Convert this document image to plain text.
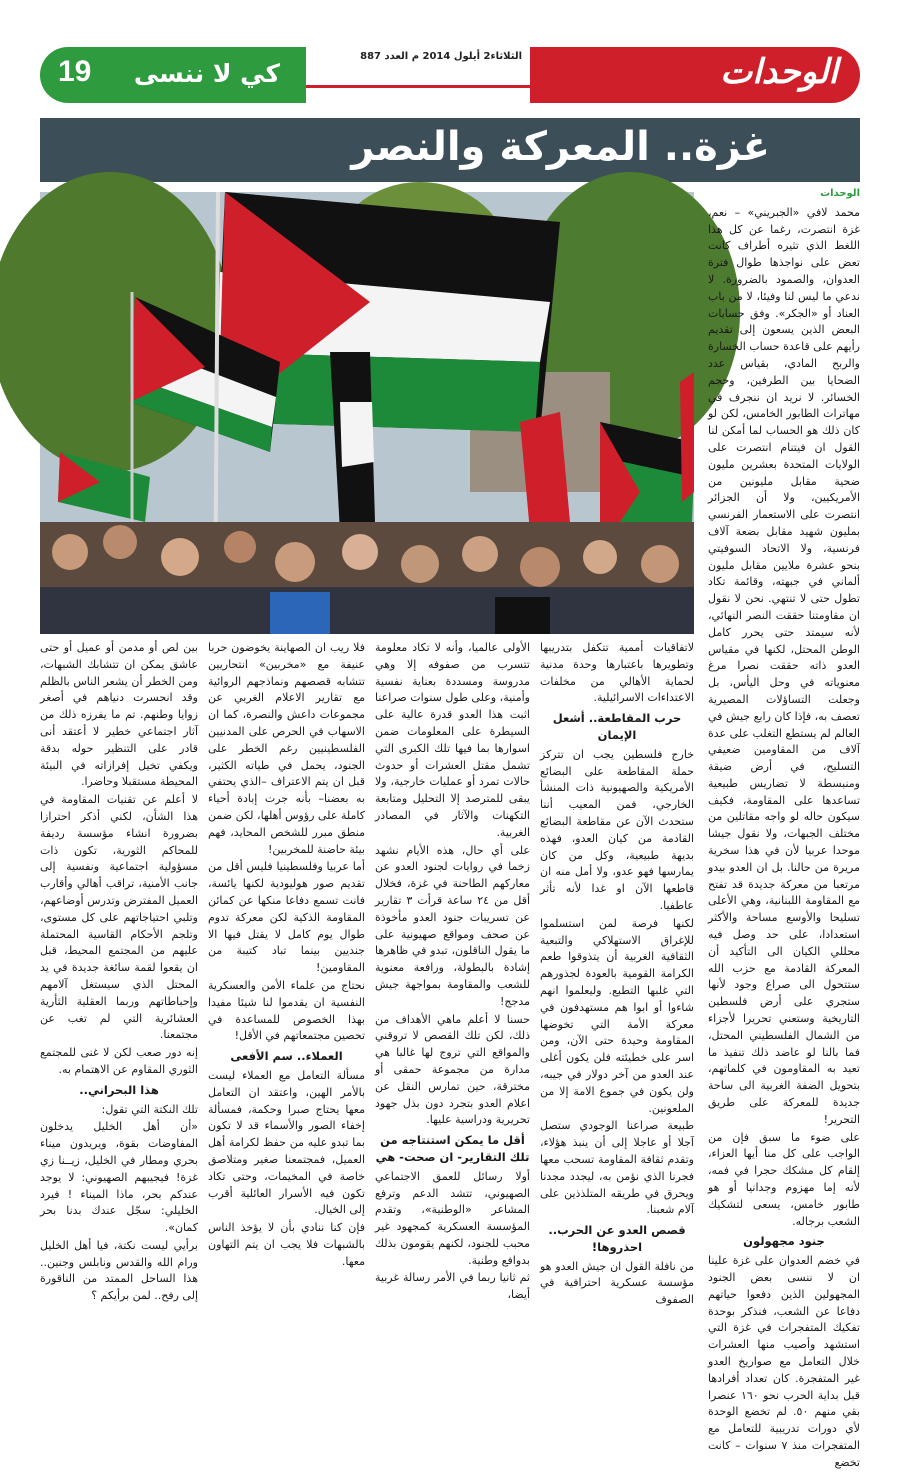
19 كي لا ننسى
الثلاثاء2 أيلول 2014 م العدد 887	الوحدات
غزة.. المعركة والنصر
الوحدات

محمد لافي «الجبريني» – نعم، غزة انتصرت، رغما عن كل هذا اللغط الذي تثيره أطراف كانت تعض على نواجذها طوال فترة العدوان، والصمود بالضرورة. لا ندعي ما ليس لنا وفيئا، لا من باب العناد أو «الجكر». وفق حسابات البعض الذين يسعون إلى تقديم رأيهم على قاعدة حساب الخسارة والربح المادي، بقياس عدد الضحايا بين الطرفين، وحجم الخسائر. لا نريد ان ننجرف في مهاترات الطابور الخامس، لكن لو كان ذلك هو الحساب لما أمكن لنا القول ان فيتنام انتصرت على الولايات المتحدة بعشرين مليون ضحية مقابل مليونين من الأمريكيين، ولا أن الجزائر انتصرت على الاستعمار الفرنسي بمليون شهيد مقابل بضعة آلاف فرنسية، ولا الاتحاد السوفيتي بنحو عشرة ملايين مقابل مليون ألماني في جبهته، وقائمة تكاد تطول حتى لا تنتهي. نحن لا نقول ان مقاومتنا حققت النصر النهائي، لأنه سيمتد حتى يحرر كامل الوطن المحتل، لكنها في مقياس العدو ذاته حققت نصرا مرغ معنوياته في وحل اليأس، بل وجعلت التساؤلات المصيرية تعصف به، فإذا كان رابع جيش في العالم لم يستطع التغلب على عدة آلاف من المقاومين ضعيفي التسليح، في أرض ضيقة ومنبسطة لا تضاريس طبيعية تساعدها على المقاومة، فكيف سيكون حاله لو واجه مقاتلين من مختلف الجبهات، ولا نقول جيشا موحدا عربيا لأن في هذا سخرية مريرة من حالنا. بل ان العدو بيدو مرتعبا من معركة جديدة قد تفتح مع المقاومة اللبنانية، وهي الأعلى تسليحا والأوسع مساحة والأكثر استعدادا، على حد وصل فيه محللي الكيان الى التأكيد أن المعركة القادمة مع حزب الله ستتحول الى صراع وجود لأنها ستجري على أرض فلسطين التاريخية وستعني تحريرا لأجزاء من الشمال الفلسطيني المحتل، فما بالنا لو عاضد ذلك تنفيذ ما تعيد به المقاومون في كلماتهم، بتحويل الضفة الغربية الى ساحة جديدة للمعركة على طريق التحرير!

على ضوء ما سبق فإن من الواجب على كل منا أيها العزاء، إلقام كل مشكك حجرا في فمه، لأنه إما مهزوم وجدانيا أو هو طابور خامس، يسعى لتشكيك الشعب برجاله.

جنود مجهولون

في خضم العدوان على غزة علينا ان لا ننسى بعض الجنود المجهولين الذين دفعوا حياتهم دفاعا عن الشعب، فنذكر بوحدة تفكيك المتفجرات في غزة التي استشهد وأصيب منها العشرات خلال التعامل مع صواريخ العدو غير المتفجرة. كان تعداد أفرادها قبل بداية الحرب نحو ١٦٠ عنصرا بقي منهم ٥٠. لم تخضع الوحدة لأي دورات تدريبية للتعامل مع المتفجرات منذ ٧ سنوات – كانت تخضع

لاتفاقيات أممية تتكفل بتدريبها وتطويرها باعتبارها وحدة مدنية لحماية الأهالي من مخلفات الاعتداءات الاسرائيلية.

حرب المقاطعة.. أشعل الإيمان

خارج فلسطين يجب ان تتركز حملة المقاطعة على البضائع الأمريكية والصهيونية ذات المنشأ الخارجي، فمن المعيب أننا ستحدث الآن عن مقاطعة البضائع القادمة من كيان العدو، فهذه بديهة طبيعية، وكل من كان يمارسها فهو عدو، ولا أمل منه ان قاطعها الآن او غدا لأنه تأثر عاطفيا.

لكنها فرصة لمن استسلموا للإغراق الاستهلاكي والتبعية الثقافية الغربية أن يتذوقوا طعم الكرامة القومية بالعودة لجذورهم التي غلبها التطبع. وليعلموا انهم شاءوا أو ابوا هم مستهدفون في معركة الأمة التي تخوضها المقاومة وحيدة حتى الآن، ومن اسر على خطيئته فلن يكون أغلى عند العدو من آخر دولار في جيبه، ولن يكون في جموع الامة إلا من الملعونين.

طبيعة صراعنا الوجودي ستصل آجلا أو عاجلا إلى أن ينبذ هؤلاء، وتقدم ثقافة المقاومة تسحب معها فجرنا الذي نؤمن به، ليجدد مجدنا ويحرق في طريقه المتلذذين على آلام شعبنا.

قصص العدو عن الحرب.. احذروها!

من نافلة القول ان جيش العدو هو مؤسسة عسكرية احترافية في الصفوف

الأولى عالميا، وأنه لا تكاد معلومة تتسرب من صفوفه إلا وهي مدروسة ومسددة بعناية نفسية وأمنية، وعلى طول سنوات صراعنا اثبت هذا العدو قدرة عالية على السيطرة على المعلومات ضمن اسوارها بما فيها تلك الكبرى التي تشمل مقتل العشرات أو حدوث حالات تمرد أو عمليات خارجية، ولا يبقى للمترصد إلا التحليل ومتابعة التكهنات والآثار في المصادر الغربية.

على أي حال، هذه الأيام نشهد زخما في روايات لجنود العدو عن معاركهم الطاحنة في غزة، فخلال أقل من ٢٤ ساعة قرأت ٣ تقارير عن تسريبات جنود العدو مأخوذة عن صحف ومواقع صهيونية على ما يقول الناقلون، تبدو في ظاهرها إشادة بالبطولة، ورافعة معنوية للشعب والمقاومة بمواجهة جيش مدجج!

حسنا لا أعلم ماهي الأهداف من ذلك، لكن تلك القصص لا تروقني والمواقع التي تروج لها غالبا هي مدارة من مجموعة حمقى أو مخترقة، حين تمارس النقل عن اعلام العدو بتجرد دون بذل جهود تحريرية ودراسية عليها.

أقل ما يمكن استنتاجه من تلك التقارير- ان صحت- هي

أولا رسائل للعمق الاجتماعي الصهيوني، تتشد الدعم وترفع المشاعر «الوطنية»، وتقدم المؤسسة العسكرية كمجهود غير محبب للجنود، لكنهم يقومون بذلك بدوافع وطنية.

ثم ثانيا ربما في الأمر رسالة غربية أيضا،

فلا ريب ان الصهاينة يخوضون حربا عنيفة مع «مخربين» انتحاريين تتشابه قصصهم ونماذجهم الروائية مع تقارير الاعلام الغربي عن مجموعات داعش والنصرة، كما ان الاسهاب في الحرص على المدنيين الفلسطينيين رغم الخطر على الجنود، يحمل في طياته الكثير، قبل ان يتم الاعتراف –الذي يحتفي به بعضنا– بأنه جرت إبادة أحياء كاملة على رؤوس أهلها، لكن ضمن منطق مبرر للشخص المحايد، فهم بيئة حاضنة للمخربين!

أما عربيا وفلسطينيا فليس أقل من تقديم صور هوليودية لكنها يائسة، فانت تسمع دفاعا منكها عن كمائن المقاومة الذكية لكن معركة تدوم طوال يوم كامل لا يقتل فيها الا جنديين بينما تباد كتيبة من المقاومين!

نحتاج من علماء الأمن والعسكرية النفسية ان يقدموا لنا شيئا مفيدا بهذا الخصوص للمساعدة في تحصين مجتمعاتهم في الأقل!

العملاء.. سم الأفعى

مسألة التعامل مع العملاء ليست بالأمر الهين، واعتقد ان التعامل معها يحتاج صبرا وحكمة، فمسألة إخفاء الصور والأسماء قد لا تكون بما تبدو عليه من حفظ لكرامة أهل العميل، فمجتمعنا صغير ومتلاصق خاصة في المخيمات، وحتى تكاد تكون فيه الأسرار العائلية أقرب إلى الخيال.

فإن كنا ننادي بأن لا يؤخذ الناس بالشبهات فلا يجب ان يتم التهاون معها.

بين لص أو مدمن أو عميل أو حتى عاشق يمكن ان تتشابك الشبهات، ومن الخطر أن يشعر الناس بالظلم وقد انحسرت دنياهم في أصغر زوايا وطنهم. تم ما يفرزه ذلك من آثار اجتماعي خطير لا أعتقد أنى قادر على التنظير حوله بدقة ويكفي تخيل إفرازاته في البيئة المحيطة مستقبلا وحاضرا.

لا أعلم عن تقنيات المقاومة في هذا الشأن، لكني أذكر احترازا بضرورة انشاء مؤسسة رديفة للمحاكم الثورية، تكون ذات مسؤولية اجتماعية ونفسية إلى جانب الأمنية، تراقب أهالي وأقارب العميل المفترض وتدرس أوضاعهم، وتلبي احتياجاتهم على كل مستوى، وتلجم الأحكام القاسية المحتملة عليهم من المجتمع المحيط، قبل ان يقعوا لقمة سائغة جديدة في يد المحتل الذي سيستغل آلامهم وإحباطاتهم وربما العقلية الثأرية العشائرية التي لم تغب عن مجتمعنا.

إنه دور صعب لكن لا غنى للمجتمع الثوري المقاوم عن الاهتمام به.

هذا البحراني..

تلك النكتة التي تقول:

«أن أهل الخليل يدخلون المفاوضات بقوة، ويريدون ميناء بحري ومطار في الخليل، زيــنا زي غزة! فيجيبهم الصهيوني: لا يوجد عندكم بحر، ماذا الميناء ! فيرد الخليلي: سجّل عندك بدنا بحر كمان».

برأيي ليست نكتة، فيا أهل الخليل ورام الله والقدس ونابلس وجنين.. هذا الساحل الممتد من الناقورة إلى رفح.. لمن برأيكم ؟
